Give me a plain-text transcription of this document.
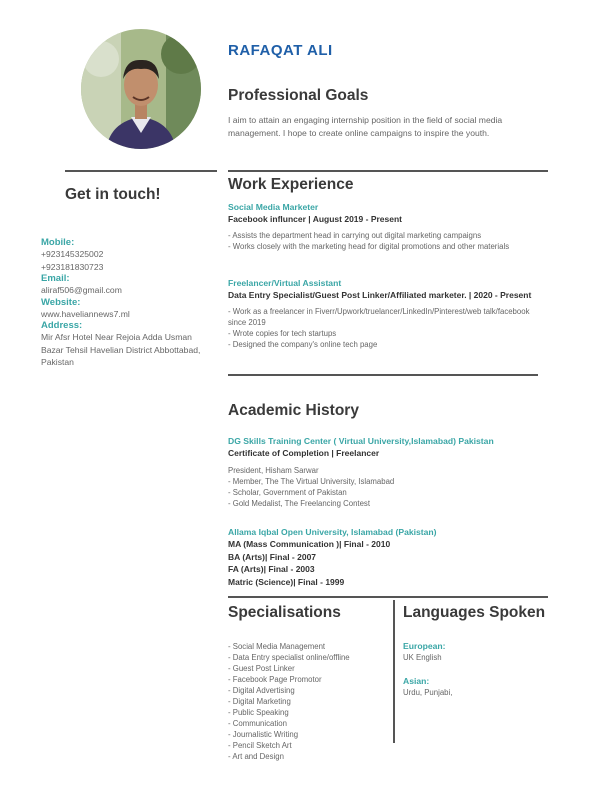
RAFAQAT ALI
Professional Goals
I aim to attain an engaging internship position in the field of social media management. I hope to create online campaigns to inspire the youth.
Get in touch!
Mobile:
+923145325002
+923181830723
Email:
aliraf506@gmail.com
Website:
www.haveliannews7.ml
Address:
Mir Afsr Hotel Near Rejoia Adda Usman Bazar Tehsil Havelian District Abbottabad, Pakistan
Work Experience
Social Media Marketer
Facebook influncer | August 2019 - Present
- Assists the department head in carrying out digital marketing campaigns
- Works closely with the marketing head for digital promotions and other materials
Freelancer/Virtual Assistant
Data Entry Specialist/Guest Post Linker/Affiliated marketer. | 2020 - Present
- Work as a freelancer in Fiverr/Upwork/truelancer/LinkedIn/Pinterest/web talk/facebook since 2019
- Wrote copies for tech startups
- Designed the company's online tech page
Academic History
DG Skills Training Center ( Virtual University,Islamabad) Pakistan
Certificate of Completion | Freelancer
President, Hisham Sarwar
- Member, The The Virtual University, Islamabad
- Scholar, Government of Pakistan
- Gold Medalist, The Freelancing Contest
Allama Iqbal Open University, Islamabad (Pakistan)
MA (Mass Communication )| Final - 2010
BA (Arts)| Final - 2007
FA (Arts)| Final - 2003
Matric (Science)| Final - 1999
Specialisations
- Social Media Management
- Data Entry specialist online/offline
- Guest Post Linker
- Facebook Page Promotor
- Digital Advertising
- Digital Marketing
- Public Speaking
- Communication
- Journalistic Writing
- Pencil Sketch Art
- Art and Design
Languages Spoken
European:
UK English
Asian:
Urdu, Punjabi,
